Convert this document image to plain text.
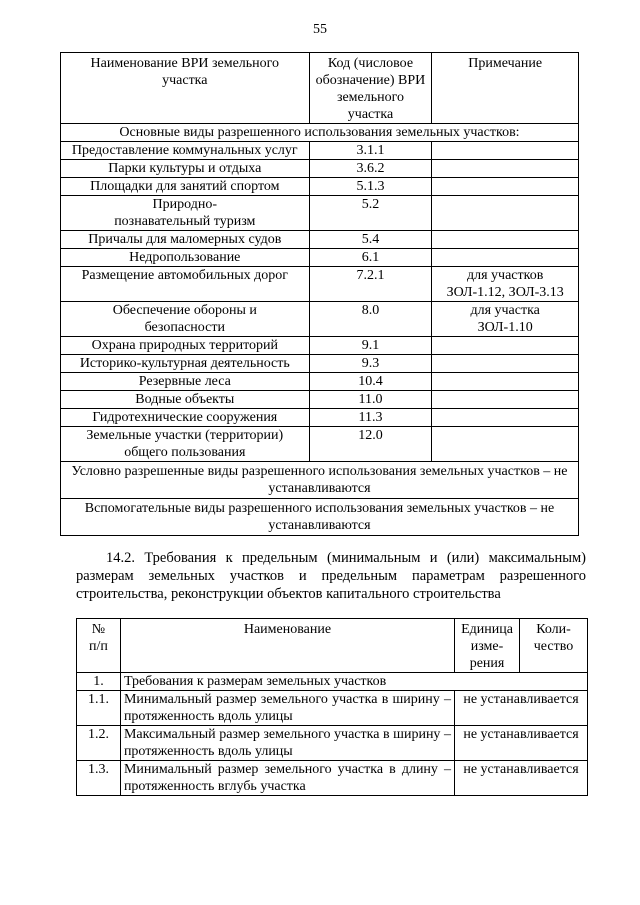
55
Наименование ВРИ земельного участка	Код (числовое обозначение) ВРИ земельного участка	Примечание
Основные виды разрешенного использования земельных участков:		
Предоставление коммунальных услуг	3.1.1	
Парки культуры и отдыха	3.6.2	
Площадки для занятий спортом	5.1.3	
Природно-познавательный туризм	5.2	
Причалы для маломерных судов	5.4	
Недропользование	6.1	
Размещение автомобильных дорог	7.2.1	для участков ЗОЛ-1.12, ЗОЛ-3.13
Обеспечение обороны и безопасности	8.0	для участка ЗОЛ-1.10
Охрана природных территорий	9.1	
Историко-культурная деятельность	9.3	
Резервные леса	10.4	
Водные объекты	11.0	
Гидротехнические сооружения	11.3	
Земельные участки (территории) общего пользования	12.0	
Условно разрешенные виды разрешенного использования земельных участков – не устанавливаются		
Вспомогательные виды разрешенного использования земельных участков – не устанавливаются		
14.2. Требования к предельным (минимальным и (или) максимальным)
размерам земельных участков и предельным параметрам разрешенного
строительства, реконструкции объектов капитального строительства
№ п/п	Наименование	Единица изме-рения	Коли-чество
1.	Требования к размерам земельных участков		
1.1.	Минимальный размер земельного участка в ширину – протяженность вдоль улицы	не устанавливается	
1.2.	Максимальный размер земельного участка в ширину – протяженность вдоль улицы	не устанавливается	
1.3.	Минимальный размер земельного участка в длину – протяженность вглубь участка	не устанавливается	
